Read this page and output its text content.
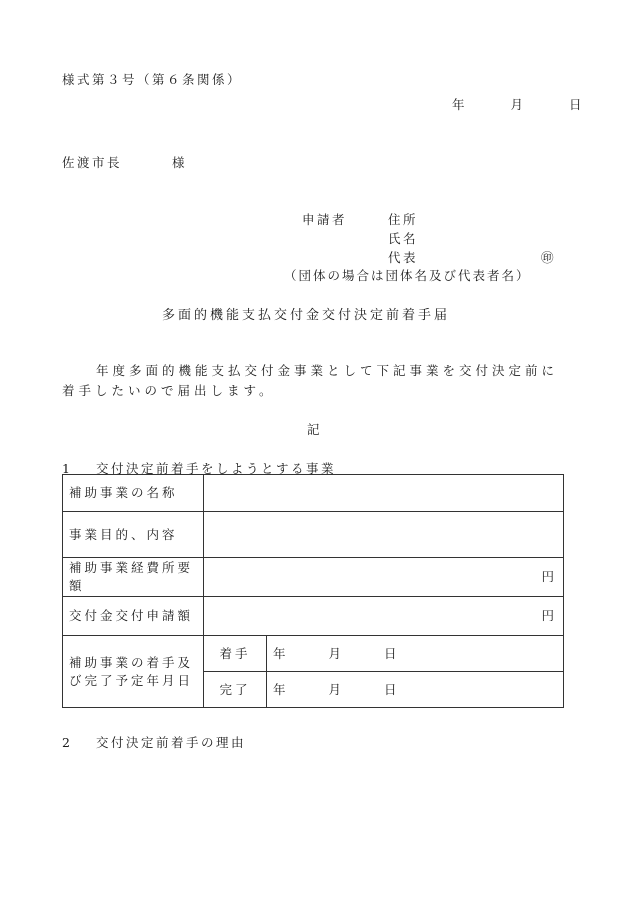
様式第３号（第６条関係）
年	月	日
佐渡市長	様
申請者	住所
氏名
代表	㊞
（団体の場合は団体名及び代表者名）
多面的機能支払交付金交付決定前着手届
年度多面的機能支払交付金事業として下記事業を交付決定前に着手したいので届出します。
記
1 交付決定前着手をしようとする事業
補助事業の名称		
事業目的、内容		
補助事業経費所要額	円	
交付金交付申請額	円	
補助事業の着手及び完了予定年月日	着手	年 月 日
	完了	年 月 日
2 交付決定前着手の理由
